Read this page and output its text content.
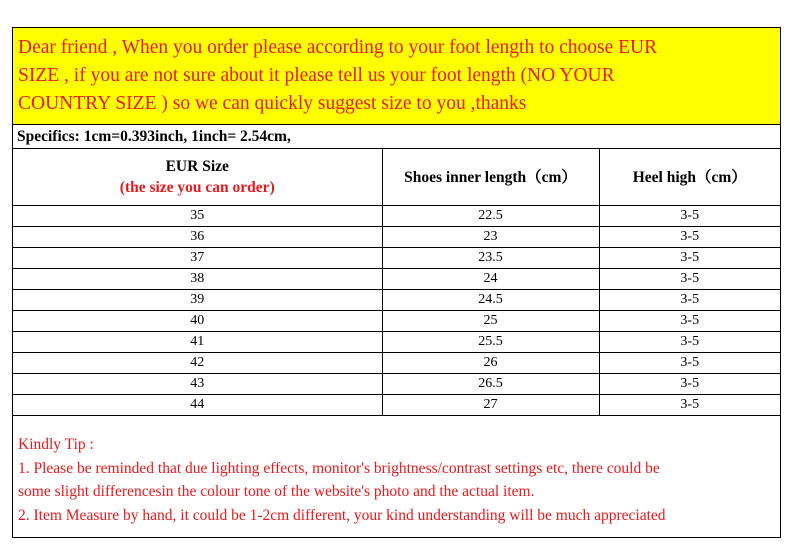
Dear friend , When you order please according to your foot length to choose EUR
SIZE , if you are not sure about it please tell us your foot length (NO YOUR
COUNTRY SIZE ) so we can quickly suggest size to you ,thanks
Specifics: 1cm=0.393inch, 1inch= 2.54cm,
EUR Size
(the size you can order)	Shoes inner length（cm）	Heel high（cm）
35	22.5	3-5
36	23	3-5
37	23.5	3-5
38	24	3-5
39	24.5	3-5
40	25	3-5
41	25.5	3-5
42	26	3-5
43	26.5	3-5
44	27	3-5
Kindly Tip :
1. Please be reminded that due lighting effects, monitor's brightness/contrast settings etc, there could be
some slight differencesin the colour tone of the website's photo and the actual item.
2. Item Measure by hand, it could be 1-2cm different, your kind understanding will be much appreciated
